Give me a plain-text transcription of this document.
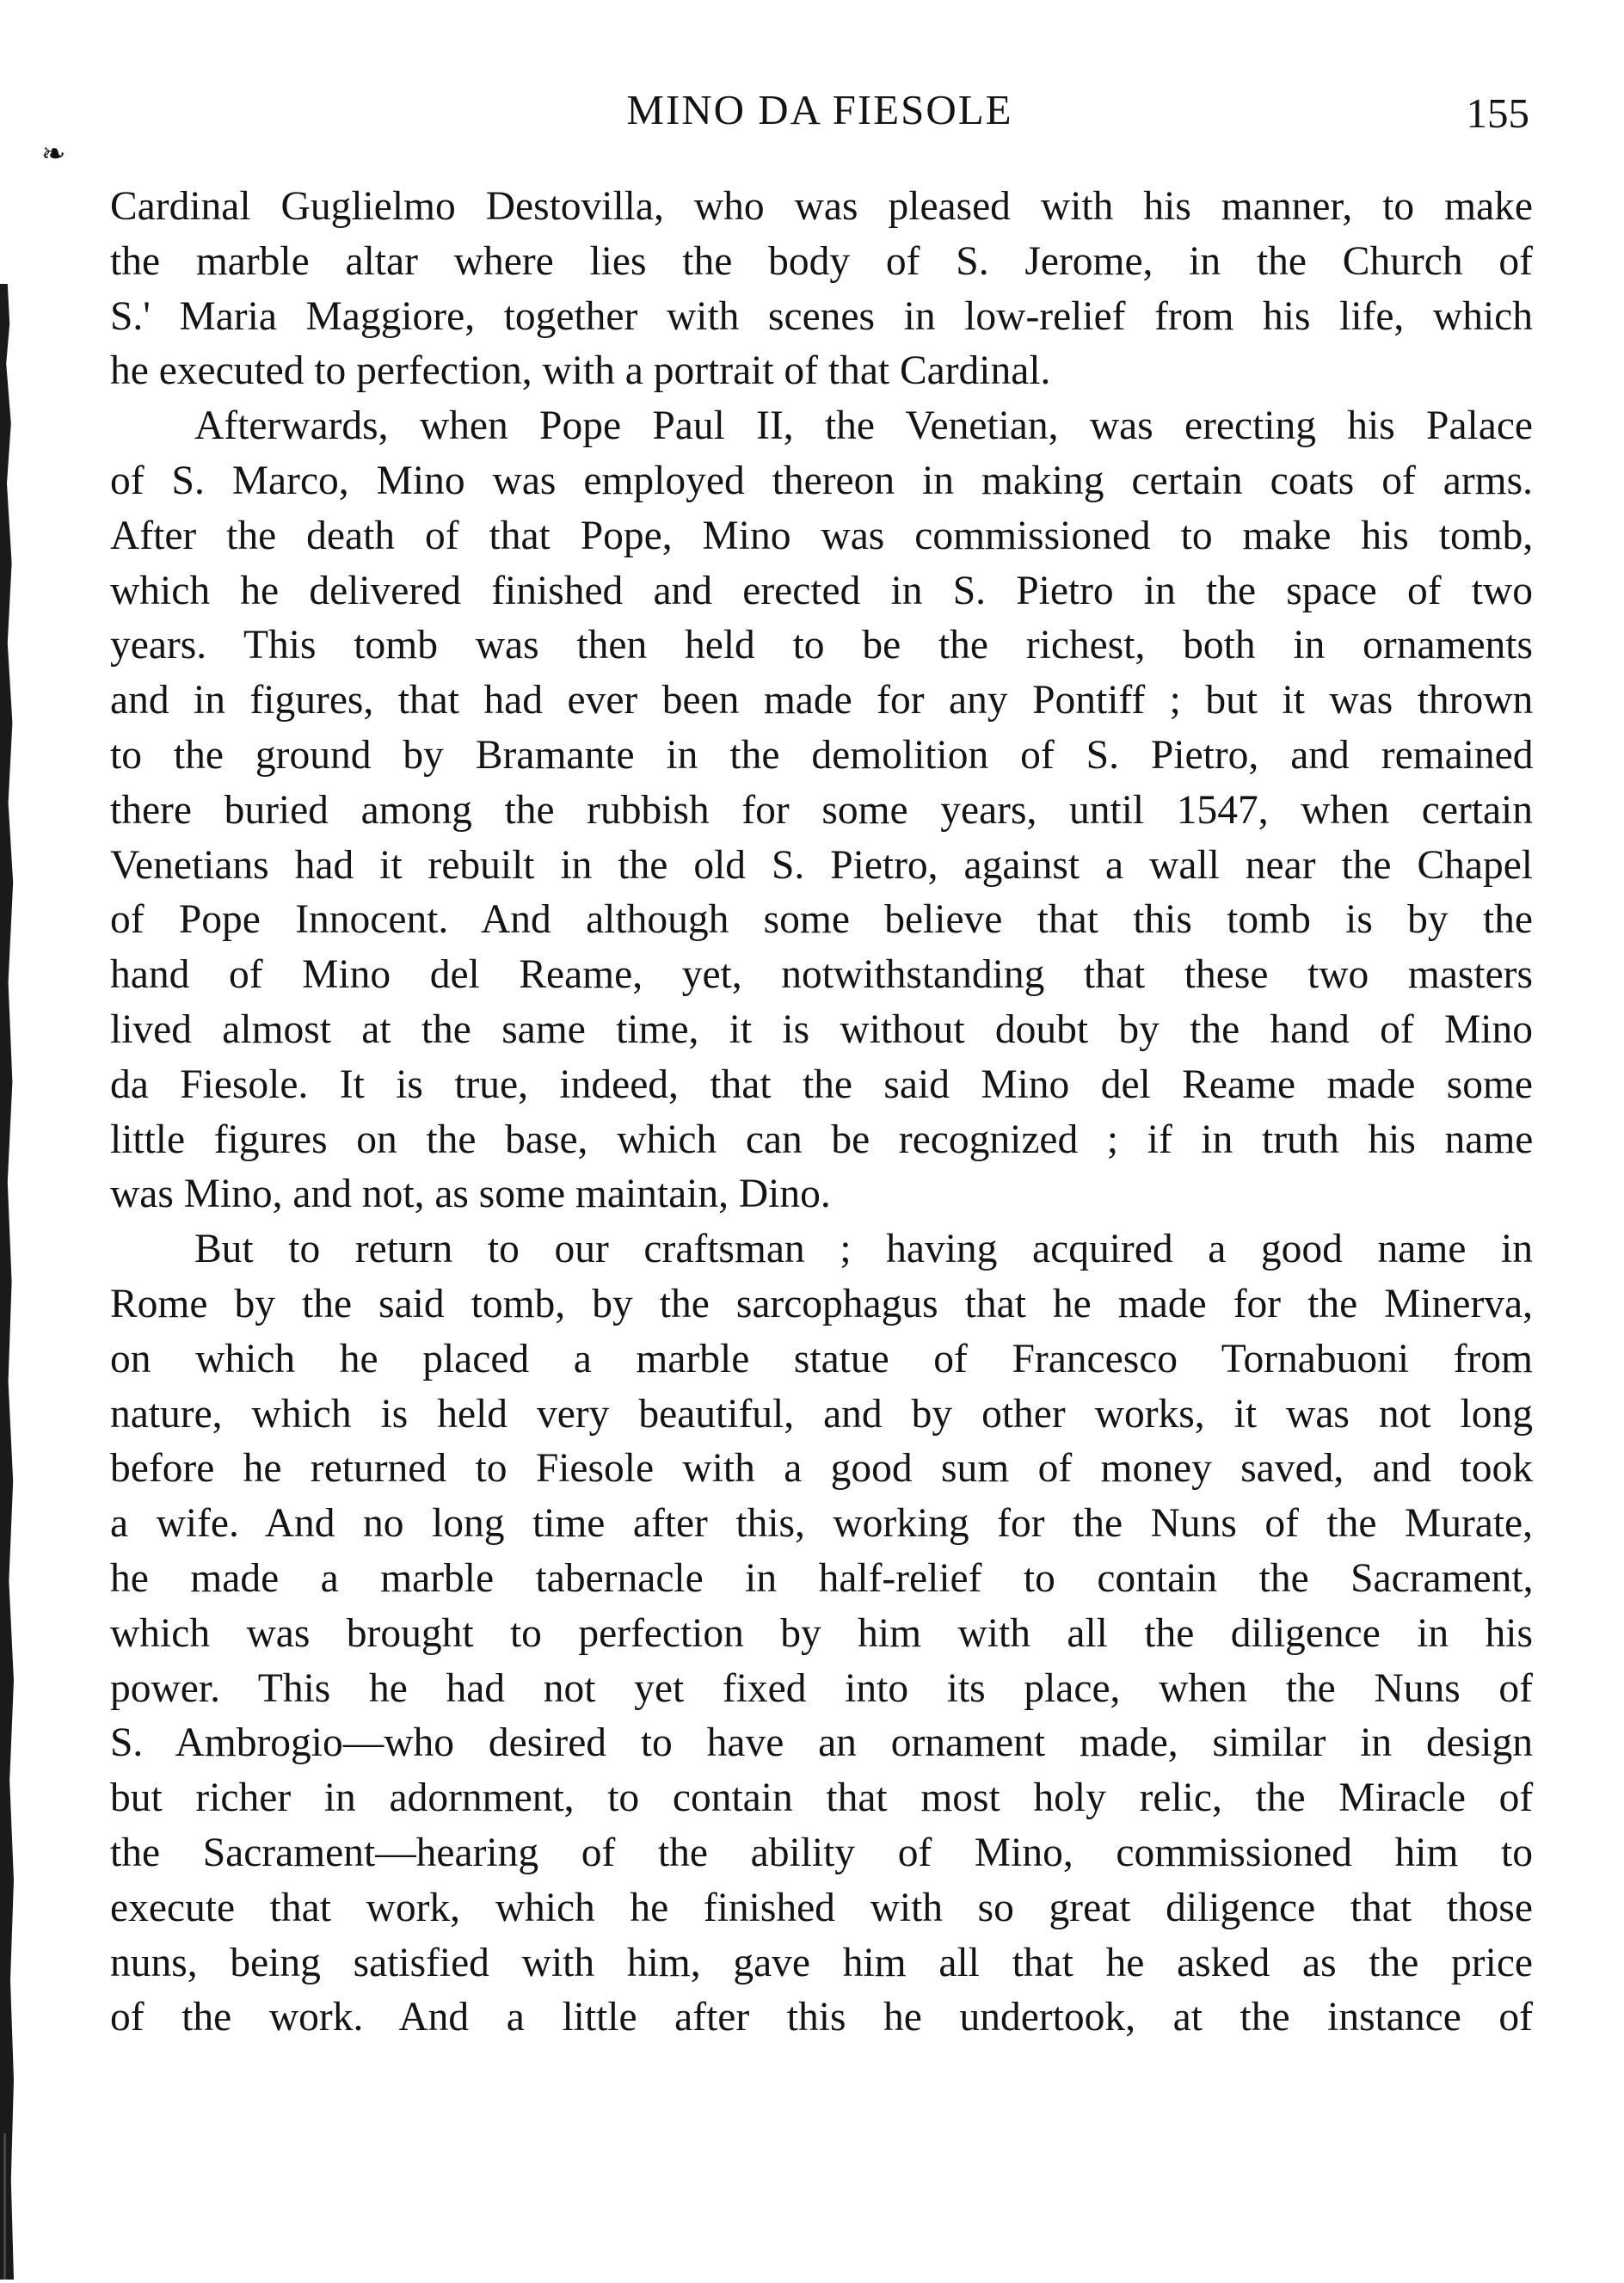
MINO DA FIESOLE	155
❧

Cardinal Guglielmo Destovilla, who was pleased with his manner, to make

the marble altar where lies the body of S. Jerome, in the Church of

S.' Maria Maggiore, together with scenes in low-relief from his life, which

he executed to perfection, with a portrait of that Cardinal.

Afterwards, when Pope Paul II, the Venetian, was erecting his Palace

of S. Marco, Mino was employed thereon in making certain coats of arms.

After the death of that Pope, Mino was commissioned to make his tomb,

which he delivered finished and erected in S. Pietro in the space of two

years. This tomb was then held to be the richest, both in ornaments

and in figures, that had ever been made for any Pontiff ; but it was thrown

to the ground by Bramante in the demolition of S. Pietro, and remained

there buried among the rubbish for some years, until 1547, when certain

Venetians had it rebuilt in the old S. Pietro, against a wall near the Chapel

of Pope Innocent. And although some believe that this tomb is by the

hand of Mino del Reame, yet, notwithstanding that these two masters

lived almost at the same time, it is without doubt by the hand of Mino

da Fiesole. It is true, indeed, that the said Mino del Reame made some

little figures on the base, which can be recognized ; if in truth his name

was Mino, and not, as some maintain, Dino.

But to return to our craftsman ; having acquired a good name in

Rome by the said tomb, by the sarcophagus that he made for the Minerva,

on which he placed a marble statue of Francesco Tornabuoni from

nature, which is held very beautiful, and by other works, it was not long

before he returned to Fiesole with a good sum of money saved, and took

a wife. And no long time after this, working for the Nuns of the Murate,

he made a marble tabernacle in half-relief to contain the Sacrament,

which was brought to perfection by him with all the diligence in his

power. This he had not yet fixed into its place, when the Nuns of

S. Ambrogio—who desired to have an ornament made, similar in design

but richer in adornment, to contain that most holy relic, the Miracle of

the Sacrament—hearing of the ability of Mino, commissioned him to

execute that work, which he finished with so great diligence that those

nuns, being satisfied with him, gave him all that he asked as the price

of the work. And a little after this he undertook, at the instance of
